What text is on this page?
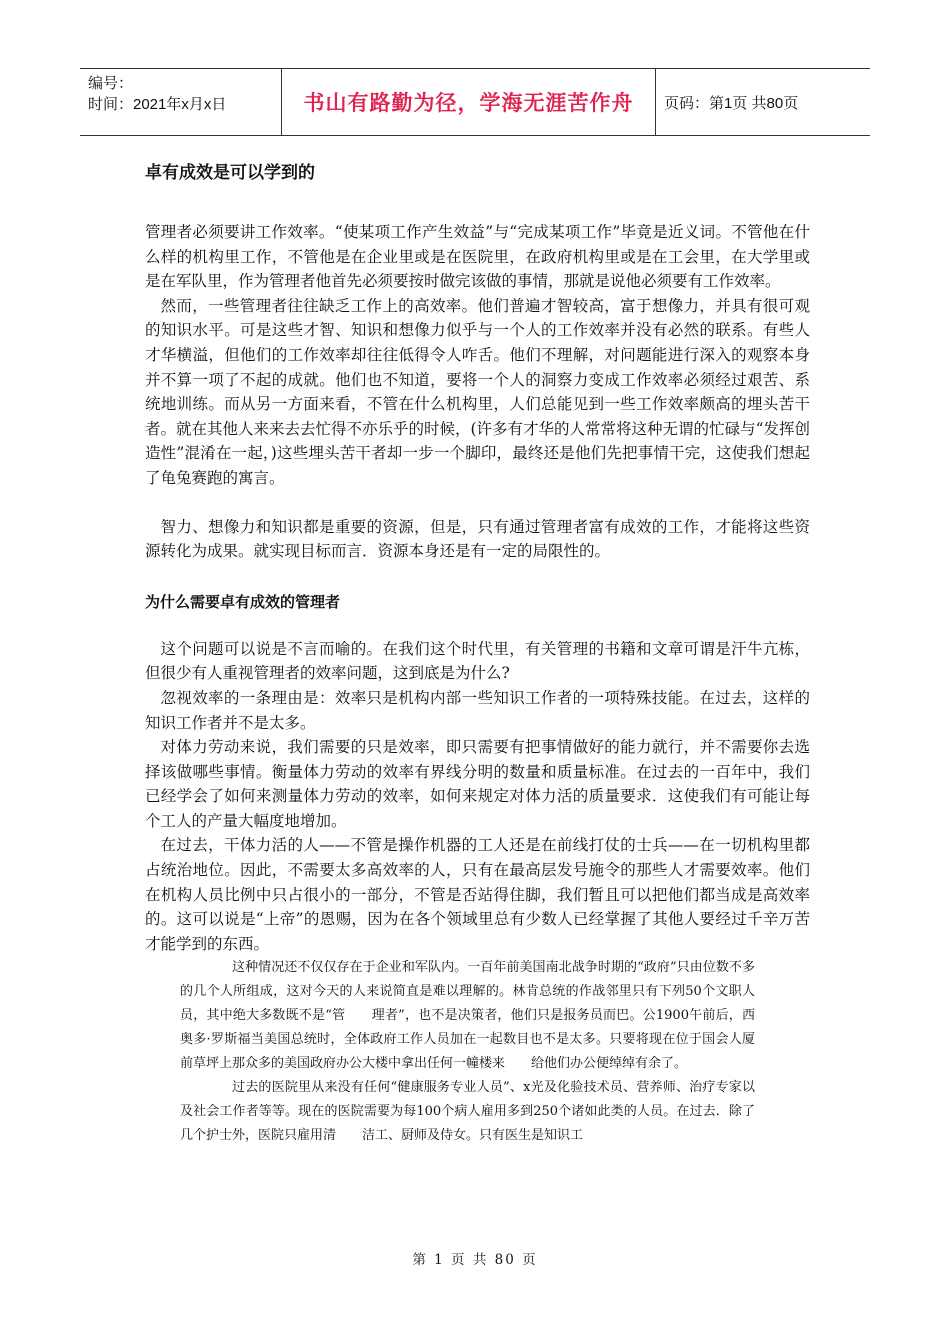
编号：
时间：2021年x月x日	书山有路勤为径，学海无涯苦作舟	页码：第1页 共80页
卓有成效是可以学到的

管理者必须要讲工作效率。“使某项工作产生效益”与“完成某项工作”毕竟是近义词。不管他在什么样的机构里工作，不管他是在企业里或是在医院里，在政府机构里或是在工会里，在大学里或是在军队里，作为管理者他首先必须要按时做完该做的事情，那就是说他必须要有工作效率。

然而，一些管理者往往缺乏工作上的高效率。他们普遍才智较高，富于想像力，并具有很可观的知识水平。可是这些才智、知识和想像力似乎与一个人的工作效率并没有必然的联系。有些人才华横溢，但他们的工作效率却往往低得令人咋舌。他们不理解，对问题能进行深入的观察本身并不算一项了不起的成就。他们也不知道，要将一个人的洞察力变成工作效率必须经过艰苦、系统地训练。而从另一方面来看，不管在什么机构里，人们总能见到一些工作效率颇高的埋头苦干者。就在其他人来来去去忙得不亦乐乎的时候，(许多有才华的人常常将这种无谓的忙碌与“发挥创造性”混淆在一起，)这些埋头苦干者却一步一个脚印，最终还是他们先把事情干完，这使我们想起了龟兔赛跑的寓言。

智力、想像力和知识都是重要的资源，但是，只有通过管理者富有成效的工作，才能将这些资源转化为成果。就实现目标而言．资源本身还是有一定的局限性的。

为什么需要卓有成效的管理者

这个问题可以说是不言而喻的。在我们这个时代里，有关管理的书籍和文章可谓是汗牛亢栋，但很少有人重视管理者的效率问题，这到底是为什么?

忽视效率的一条理由是：效率只是机构内部一些知识工作者的一项特殊技能。在过去，这样的知识工作者并不是太多。

对体力劳动来说，我们需要的只是效率，即只需要有把事情做好的能力就行，并不需要你去选择该做哪些事情。衡量体力劳动的效率有界线分明的数量和质量标准。在过去的一百年中，我们已经学会了如何来测量体力劳动的效率，如何来规定对体力活的质量要求．这使我们有可能让每个工人的产量大幅度地增加。

在过去，干体力活的人——不管是操作机器的工人还是在前线打仗的士兵——在一切机构里都占统治地位。因此，不需要太多高效率的人，只有在最高层发号施令的那些人才需要效率。他们在机构人员比例中只占很小的一部分，不管是否站得住脚，我们暂且可以把他们都当成是高效率的。这可以说是“上帝”的恩赐，因为在各个领域里总有少数人已经掌握了其他人要经过千辛万苦才能学到的东西。

这种情况还不仅仅存在于企业和军队内。一百年前美国南北战争时期的“政府”只由位数不多的几个人所组成，这对今天的人来说简直是难以理解的。林肯总统的作战邻里只有下列50个文职人员，其中绝大多数既不是“管　　理者”，也不是决策者，他们只是报务员而巴。公1900午前后，西奥多·罗斯福当美国总统时，全体政府工作人员加在一起数目也不是太多。只要将现在位于国会人厦前草坪上那众多的美国政府办公大楼中拿出任何一幢楼来　　给他们办公便绰绰有余了。

过去的医院里从来没有任何“健康服务专业人员”、x光及化验技术员、营养师、治疗专家以及社会工作者等等。现在的医院需要为每100个病人雇用多到250个诸如此类的人员。在过去．除了几个护士外，医院只雇用清　　洁工、厨师及侍女。只有医生是知识工

第 1 页 共 80 页
